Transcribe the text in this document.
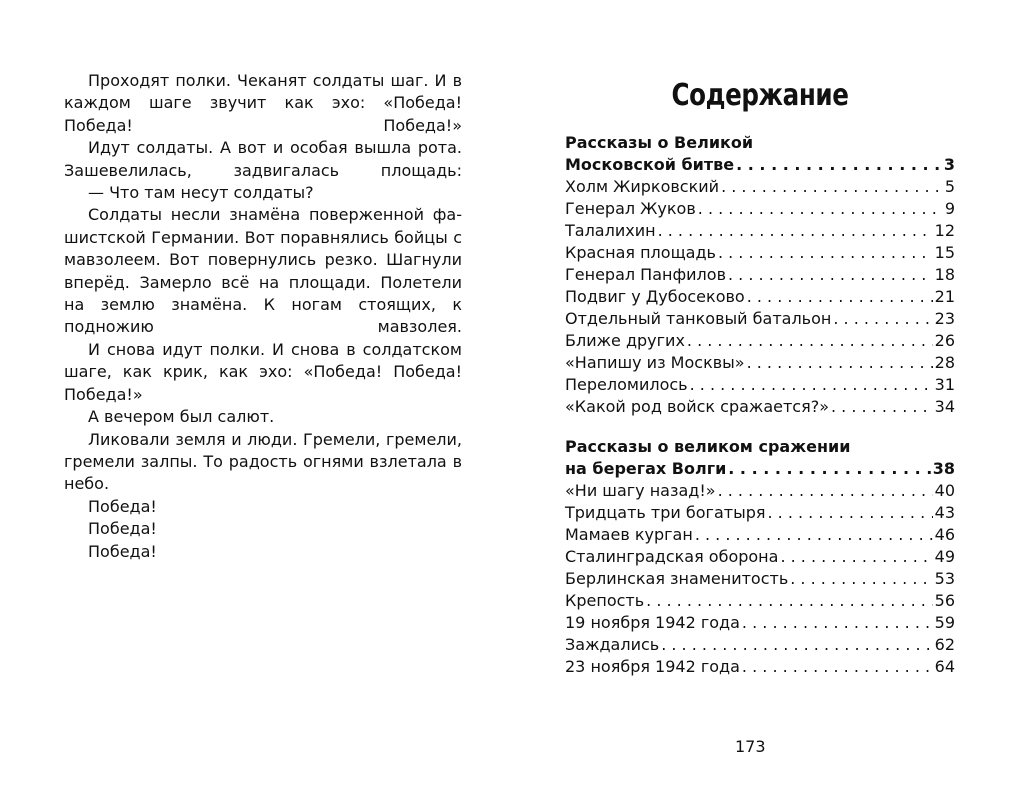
Проходят полки. Чеканят солдаты шаг. И в каждом шаге звучит как эхо: «Победа! Победа! Победа!»

Идут солдаты. А вот и особая вышла рота. Зашевелилась, задвигалась площадь:

— Что там несут солдаты?

Солдаты несли знамёна поверженной фашистской Германии. Вот поравнялись бойцы с мавзолеем. Вот повернулись резко. Шагнули вперёд. Замерло всё на площади. Полетели на землю знамёна. К ногам стоящих, к подножию мавзолея.

И снова идут полки. И снова в солдатском шаге, как крик, как эхо: «Победа! Победа! Победа!»

А вечером был салют.

Ликовали земля и люди. Гремели, гремели, гремели залпы. То радость огнями взлетала в небо.

Победа!

Победа!

Победа!

Содержание
Рассказы о Великой
Московской битве . . .	3
Холм Жирковский . . .	5
Генерал Жуков . . .	9
Талалихин . . .	12
Красная площадь . . .	15
Генерал Панфилов . . .	18
Подвиг у Дубосеково . . .	21
Отдельный танковый батальон . . .	23
Ближе других . . .	26
«Напишу из Москвы» . . .	28
Переломилось . . .	31
«Какой род войск сражается?» . . .	34
Рассказы о великом сражении
на берегах Волги . . .	38
«Ни шагу назад!» . . .	40
Тридцать три богатыря . . .	43
Мамаев курган . . .	46
Сталинградская оборона . . .	49
Берлинская знаменитость . . .	53
Крепость . . .	56
19 ноября 1942 года . . .	59
Заждались . . .	62
23 ноября 1942 года . . .	64
173
